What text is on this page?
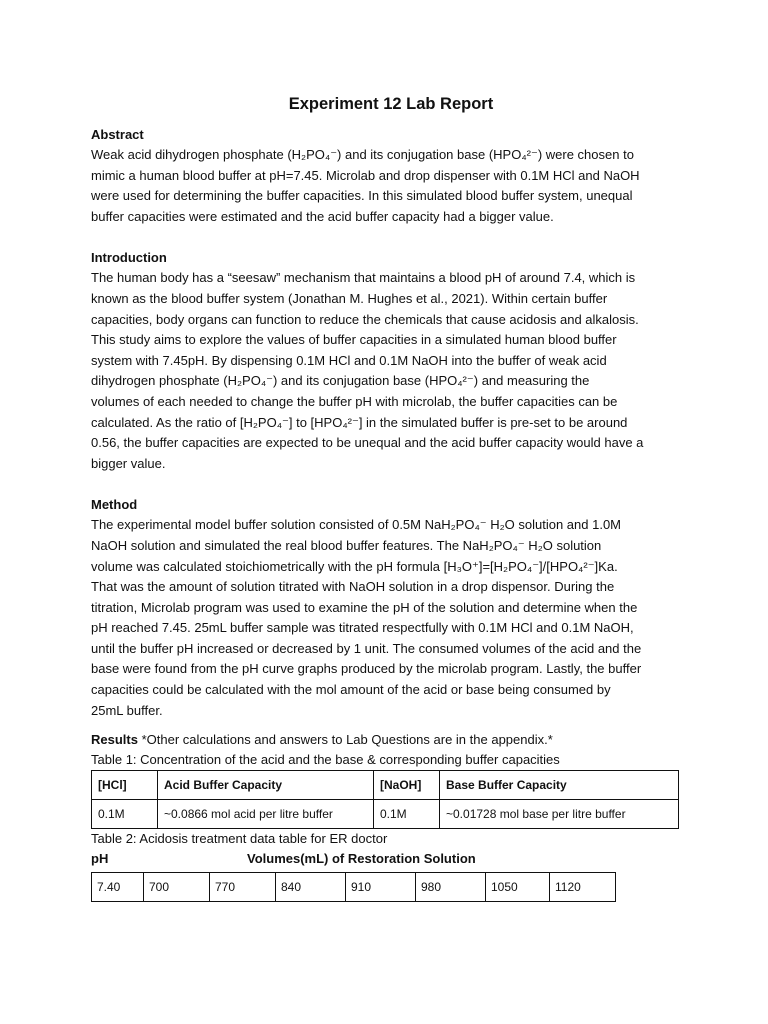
Experiment 12 Lab Report
Abstract

Weak acid dihydrogen phosphate (H₂PO₄⁻) and its conjugation base (HPO₄²⁻) were chosen to

mimic a human blood buffer at pH=7.45. Microlab and drop dispenser with 0.1M HCl and NaOH

were used for determining the buffer capacities. In this simulated blood buffer system, unequal

buffer capacities were estimated and the acid buffer capacity had a bigger value.

Introduction

The human body has a “seesaw” mechanism that maintains a blood pH of around 7.4, which is

known as the blood buffer system (Jonathan M. Hughes et al., 2021). Within certain buffer

capacities, body organs can function to reduce the chemicals that cause acidosis and alkalosis.

This study aims to explore the values of buffer capacities in a simulated human blood buffer

system with 7.45pH. By dispensing 0.1M HCl and 0.1M NaOH into the buffer of weak acid

dihydrogen phosphate (H₂PO₄⁻) and its conjugation base (HPO₄²⁻) and measuring the

volumes of each needed to change the buffer pH with microlab, the buffer capacities can be

calculated. As the ratio of [H₂PO₄⁻] to [HPO₄²⁻] in the simulated buffer is pre-set to be around

0.56, the buffer capacities are expected to be unequal and the acid buffer capacity would have a

bigger value.

Method

The experimental model buffer solution consisted of 0.5M NaH₂PO₄⁻ H₂O solution and 1.0M

NaOH solution and simulated the real blood buffer features. The NaH₂PO₄⁻ H₂O solution

volume was calculated stoichiometrically with the pH formula [H₃O⁺]=[H₂PO₄⁻]/[HPO₄²⁻]Ka.

That was the amount of solution titrated with NaOH solution in a drop dispensor. During the

titration, Microlab program was used to examine the pH of the solution and determine when the

pH reached 7.45. 25mL buffer sample was titrated respectfully with 0.1M HCl and 0.1M NaOH,

until the buffer pH increased or decreased by 1 unit. The consumed volumes of the acid and the

base were found from the pH curve graphs produced by the microlab program. Lastly, the buffer

capacities could be calculated with the mol amount of the acid or base being consumed by

25mL buffer.

Results *Other calculations and answers to Lab Questions are in the appendix.*
Table 1: Concentration of the acid and the base & corresponding buffer capacities
[HCl]	Acid Buffer Capacity	[NaOH]	Base Buffer Capacity
0.1M	~0.0866 mol acid per litre buffer	0.1M	~0.01728 mol base per litre buffer
Table 2: Acidosis treatment data table for ER doctor
pH	Volumes(mL) of Restoration Solution
7.40	700	770	840	910	980	1050	1120
